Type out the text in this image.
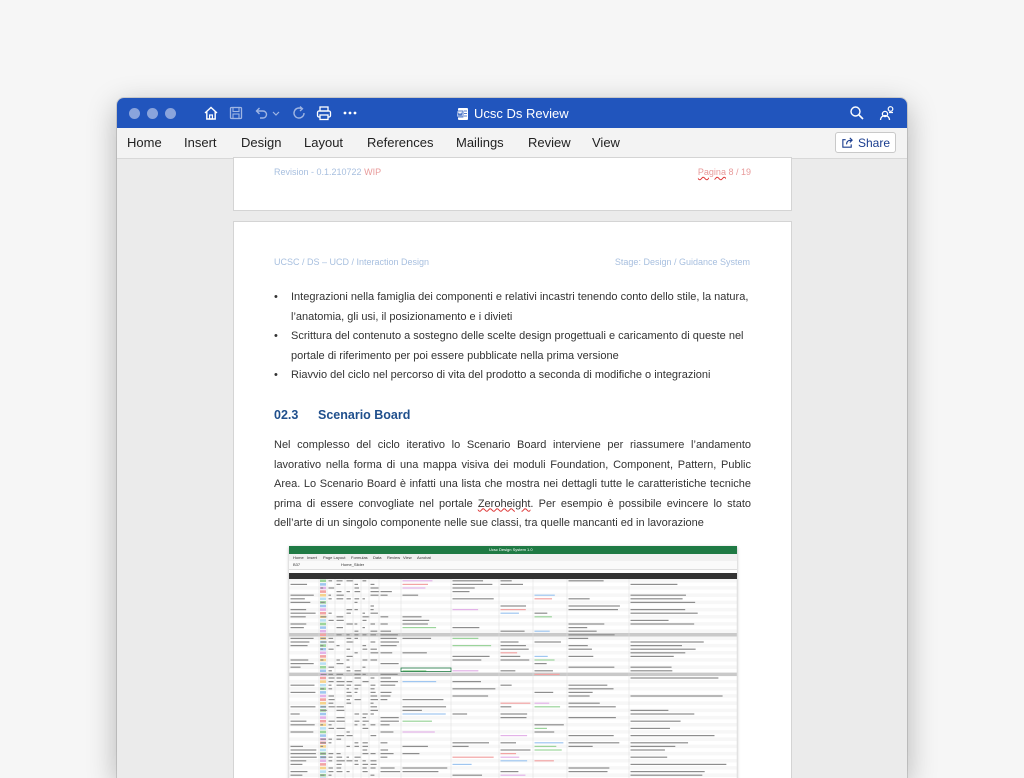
Ucsc Ds Review
Home Insert Design Layout References Mailings Review View	Share
Revision - 0.1.210722 WIP	Pagina 8 / 19
UCSC / DS – UCD / Interaction Design	Stage: Design / Guidance System
• Integrazioni nella famiglia dei componenti e relativi incastri tenendo conto dello stile, la natura, l’anatomia, gli usi, il posizionamento e i divieti
• Scrittura del contenuto a sostegno delle scelte design progettuali e caricamento di queste nel portale di riferimento per poi essere pubblicate nella prima versione
• Riavvio del ciclo nel percorso di vita del prodotto a seconda di modifiche o integrazioni
02.3 Scenario Board

Nel complesso del ciclo iterativo lo Scenario Board interviene per riassumere l’andamento lavorativo nella forma di una mappa visiva dei moduli Foundation, Component, Pattern, Public Area. Lo Scenario Board è infatti una lista che mostra nei dettagli tutte le caratteristiche tecniche prima di essere convogliate nel portale Zeroheight. Per esempio è possibile evincere lo stato dell’arte di un singolo componente nelle sue classi, tra quelle mancanti ed in lavorazione

Ucsc Design System 1.0
Home Insert Page Layout Formulas Data Review View Acrobat
B37	Home_Slider
